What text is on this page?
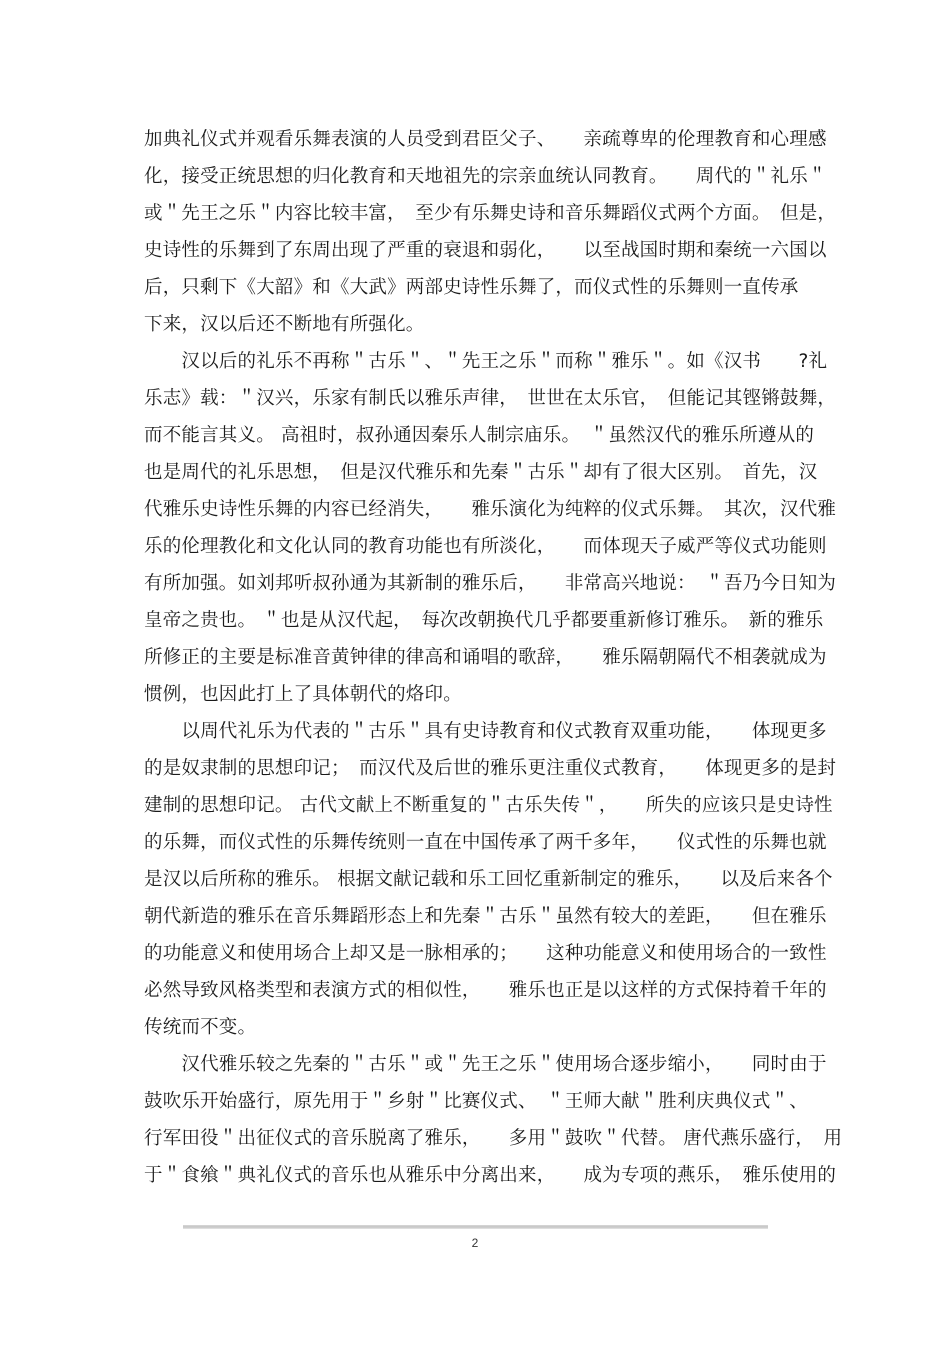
加典礼仪式并观看乐舞表演的人员受到君臣父子、　　亲疏尊卑的伦理教育和心理感
化，接受正统思想的归化教育和天地祖先的宗亲血统认同教育。　　周代的＂礼乐＂
或＂先王之乐＂内容比较丰富，　至少有乐舞史诗和音乐舞蹈仪式两个方面。　但是，
史诗性的乐舞到了东周出现了严重的衰退和弱化，　　以至战国时期和秦统一六国以
后，只剩下《大韶》和《大武》两部史诗性乐舞了，而仪式性的乐舞则一直传承
下来，汉以后还不断地有所强化。
　　汉以后的礼乐不再称＂古乐＂、＂先王之乐＂而称＂雅乐＂。如《汉书　　?礼
乐志》载：＂汉兴，乐家有制氏以雅乐声律，　世世在太乐官，　但能记其铿锵鼓舞，
而不能言其义。 高祖时，叔孙通因秦乐人制宗庙乐。　＂虽然汉代的雅乐所遵从的
也是周代的礼乐思想，　但是汉代雅乐和先秦＂古乐＂却有了很大区别。　首先，汉
代雅乐史诗性乐舞的内容已经消失，　　雅乐演化为纯粹的仪式乐舞。　其次，汉代雅
乐的伦理教化和文化认同的教育功能也有所淡化，　　而体现天子威严等仪式功能则
有所加强。如刘邦听叔孙通为其新制的雅乐后，　　非常高兴地说：　＂吾乃今日知为
皇帝之贵也。 ＂也是从汉代起，　每次改朝换代几乎都要重新修订雅乐。　新的雅乐
所修正的主要是标准音黄钟律的律高和诵唱的歌辞，　　雅乐隔朝隔代不相袭就成为
惯例，也因此打上了具体朝代的烙印。
　　以周代礼乐为代表的＂古乐＂具有史诗教育和仪式教育双重功能，　　体现更多
的是奴隶制的思想印记；　而汉代及后世的雅乐更注重仪式教育，　　体现更多的是封
建制的思想印记。 古代文献上不断重复的＂古乐失传＂，　　所失的应该只是史诗性
的乐舞，而仪式性的乐舞传统则一直在中国传承了两千多年，　　仪式性的乐舞也就
是汉以后所称的雅乐。 根据文献记载和乐工回忆重新制定的雅乐，　　以及后来各个
朝代新造的雅乐在音乐舞蹈形态上和先秦＂古乐＂虽然有较大的差距，　　但在雅乐
的功能意义和使用场合上却又是一脉相承的；　　这种功能意义和使用场合的一致性
必然导致风格类型和表演方式的相似性，　　雅乐也正是以这样的方式保持着千年的
传统而不变。
　　汉代雅乐较之先秦的＂古乐＂或＂先王之乐＂使用场合逐步缩小，　　同时由于
鼓吹乐开始盛行，原先用于＂乡射＂比赛仪式、　＂王师大献＂胜利庆典仪式＂、
行军田役＂出征仪式的音乐脱离了雅乐，　　多用＂鼓吹＂代替。 唐代燕乐盛行，　用
于＂食飨＂典礼仪式的音乐也从雅乐中分离出来，　　成为专项的燕乐，　雅乐使用的
2
